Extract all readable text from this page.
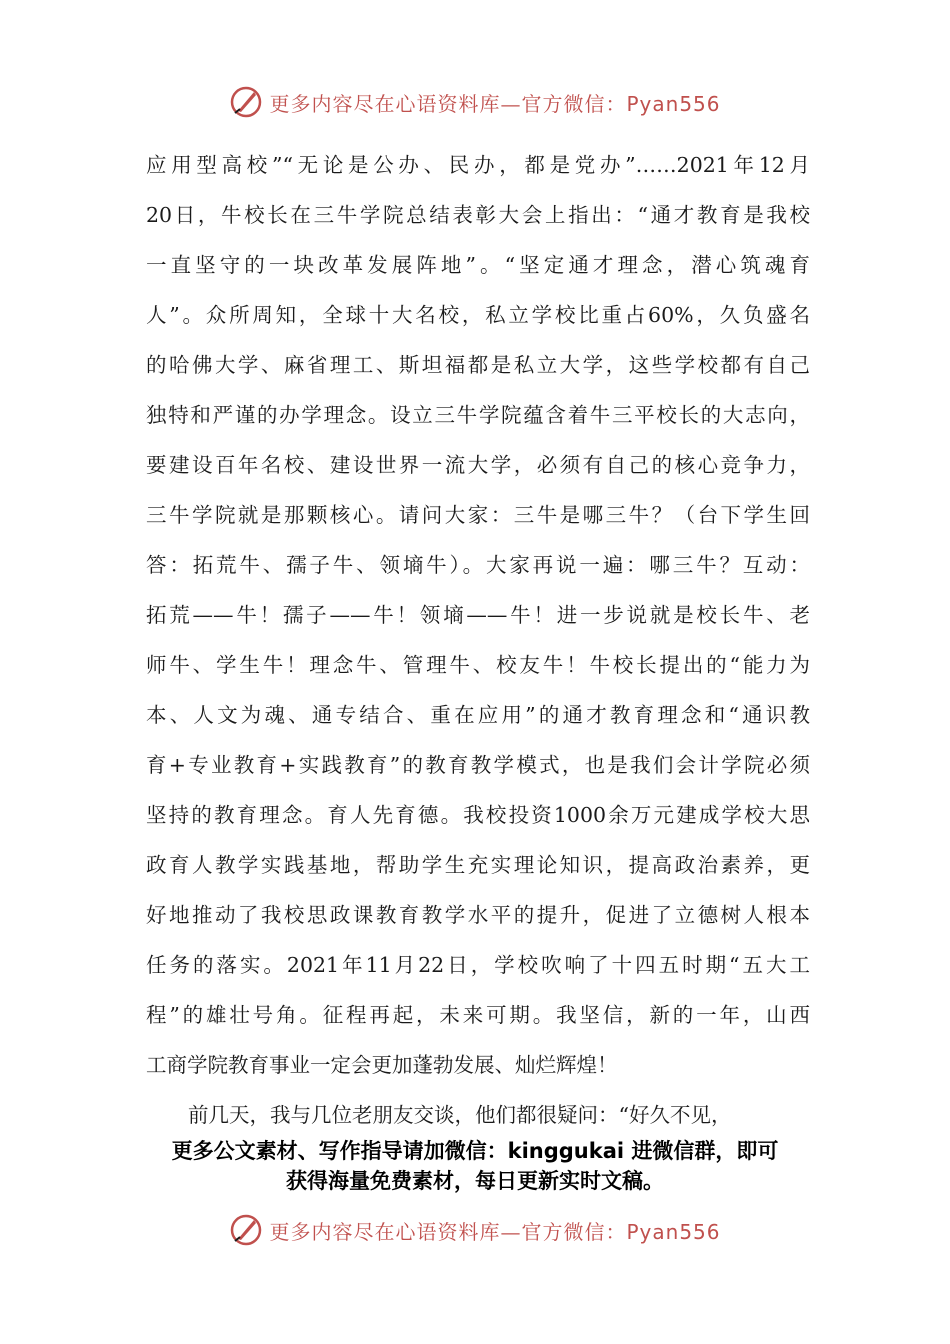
更多内容尽在心语资料库—官方微信：Pyan556
应用型高校”“无论是公办、民办，都是党办”……2021年12月
20日，牛校长在三牛学院总结表彰大会上指出：“通才教育是我校
一直坚守的一块改革发展阵地”。“坚定通才理念，潜心筑魂育
人”。众所周知，全球十大名校，私立学校比重占60%，久负盛名
的哈佛大学、麻省理工、斯坦福都是私立大学，这些学校都有自己
独特和严谨的办学理念。设立三牛学院蕴含着牛三平校长的大志向，
要建设百年名校、建设世界一流大学，必须有自己的核心竞争力，
三牛学院就是那颗核心。请问大家：三牛是哪三牛？（台下学生回
答：拓荒牛、孺子牛、领墒牛）。大家再说一遍：哪三牛？互动：
拓荒——牛！孺子——牛！领墒——牛！进一步说就是校长牛、老
师牛、学生牛！理念牛、管理牛、校友牛！牛校长提出的“能力为
本、人文为魂、通专结合、重在应用”的通才教育理念和“通识教
育+专业教育+实践教育”的教育教学模式，也是我们会计学院必须
坚持的教育理念。育人先育德。我校投资1000余万元建成学校大思
政育人教学实践基地，帮助学生充实理论知识，提高政治素养，更
好地推动了我校思政课教育教学水平的提升，促进了立德树人根本
任务的落实。2021年11月22日，学校吹响了十四五时期“五大工
程”的雄壮号角。征程再起，未来可期。我坚信，新的一年，山西
工商学院教育事业一定会更加蓬勃发展、灿烂辉煌！
前几天，我与几位老朋友交谈，他们都很疑问：“好久不见，
更多公文素材、写作指导请加微信：kinggukai 进微信群，即可
获得海量免费素材，每日更新实时文稿。
更多内容尽在心语资料库—官方微信：Pyan556
